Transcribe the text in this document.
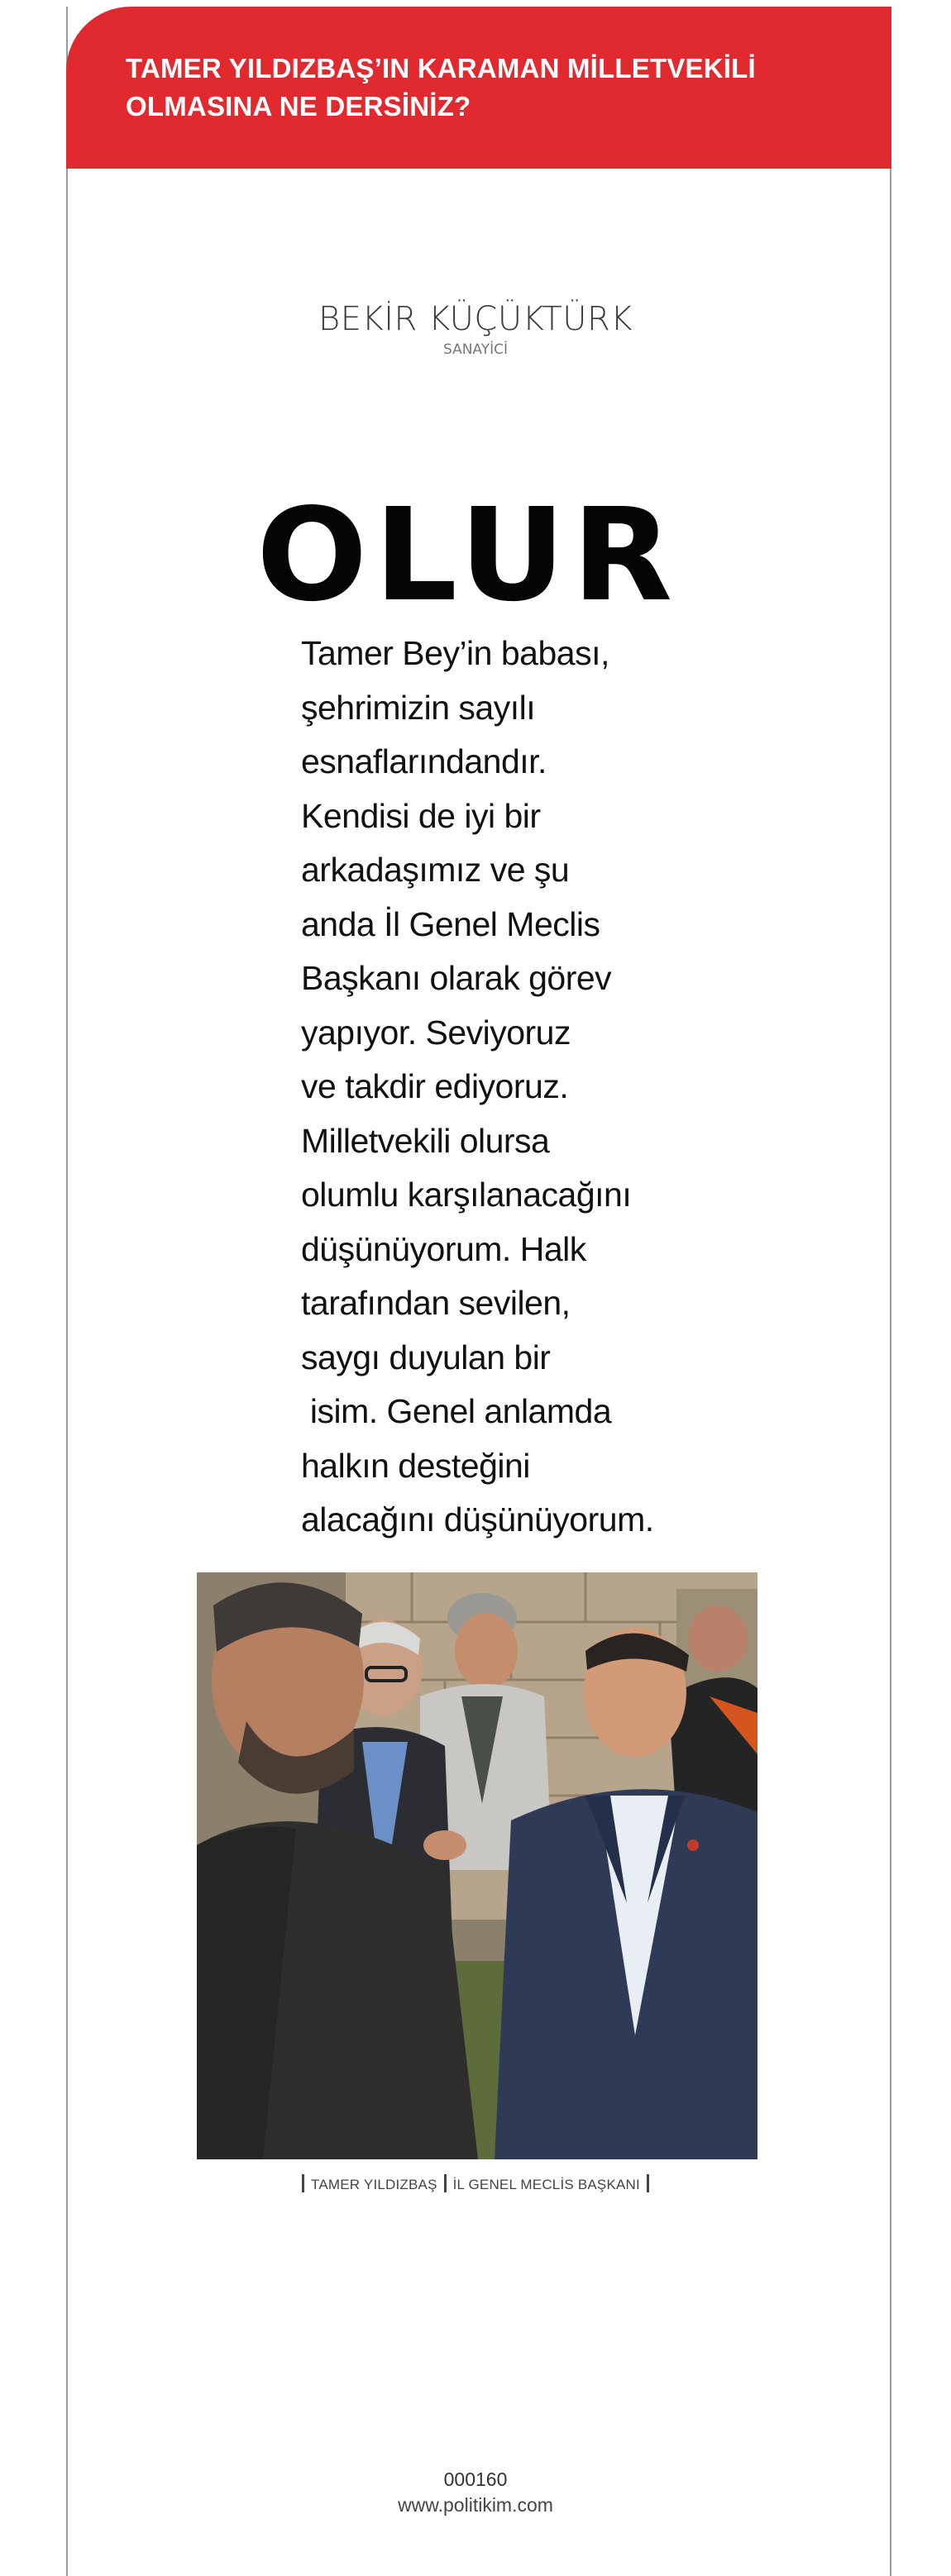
TAMER YILDIZBAŞ’IN KARAMAN MİLLETVEKİLİ OLMASINA NE DERSİNİZ?
BEKİR KÜÇÜKTÜRK
SANAYİCİ
OLUR
Tamer Bey’in babası,
şehrimizin sayılı
esnaflarındandır.
Kendisi de iyi bir
arkadaşımız ve şu
anda İl Genel Meclis
Başkanı olarak görev
yapıyor. Seviyoruz
ve takdir ediyoruz.
Milletvekili olursa
olumlu karşılanacağını
düşünüyorum. Halk
tarafından sevilen,
saygı duyulan bir
isim. Genel anlamda
halkın desteğini
alacağını düşünüyorum.
TAMER YILDIZBAŞ İL GENEL MECLİS BAŞKANI
000160
www.politikim.com
